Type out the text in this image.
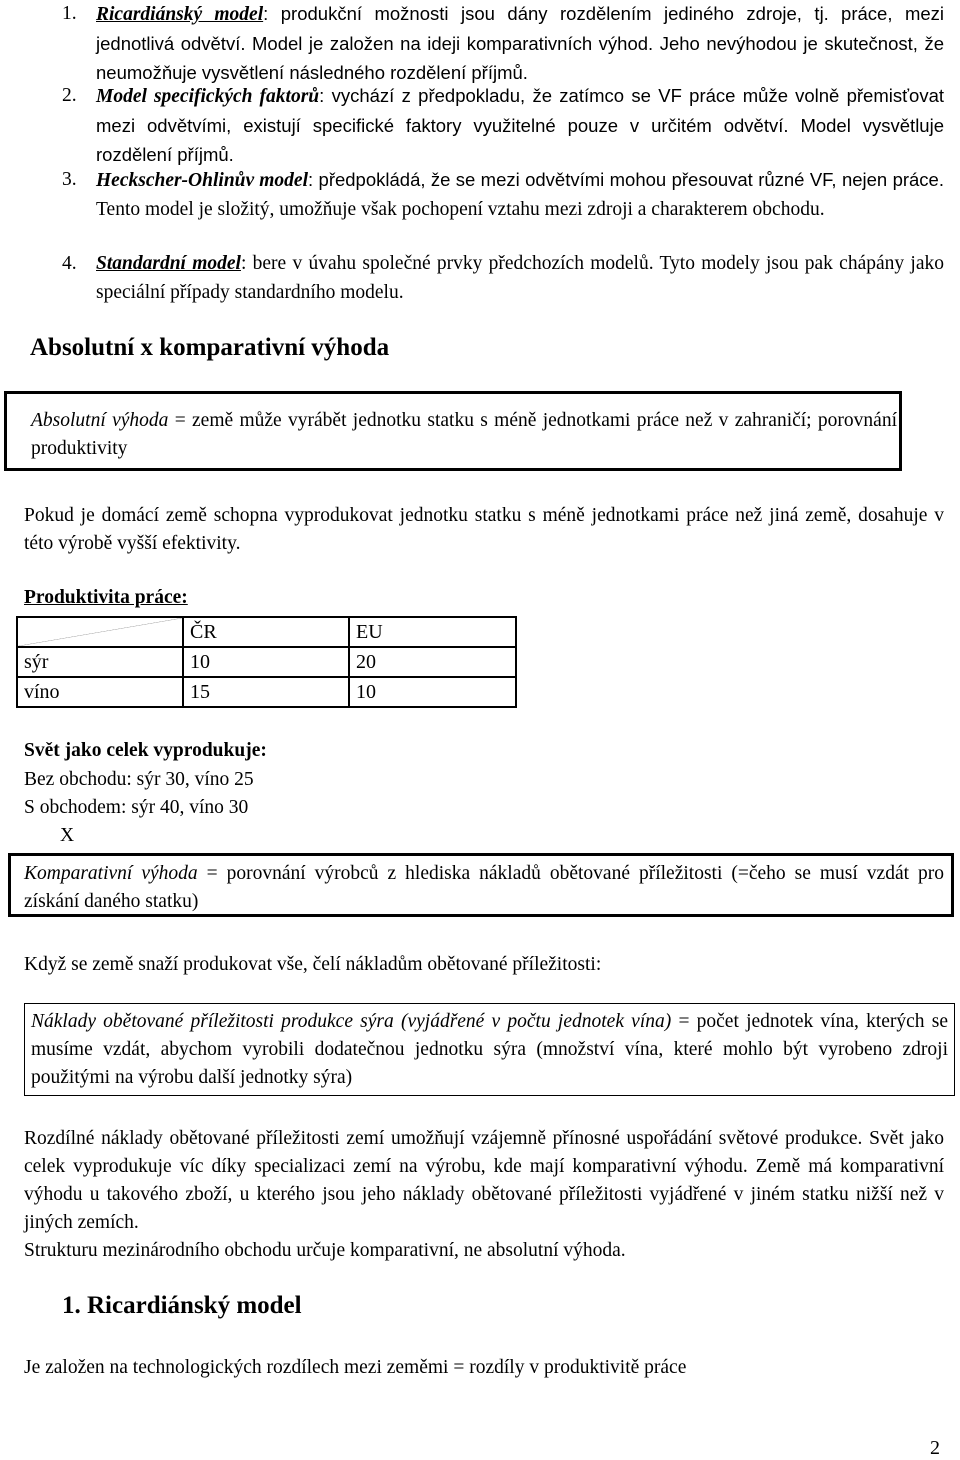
1. Ricardiánský model: produkční možnosti jsou dány rozdělením jediného zdroje, tj. práce, mezi jednotlivá odvětví. Model je založen na ideji komparativních výhod. Jeho nevýhodou je skutečnost, že neumožňuje vysvětlení následného rozdělení příjmů.
2. Model specifických faktorů: vychází z předpokladu, že zatímco se VF práce může volně přemisťovat mezi odvětvími, existují specifické faktory využitelné pouze v určitém odvětví. Model vysvětluje rozdělení příjmů.
3. Heckscher-Ohlinův model: předpokládá, že se mezi odvětvími mohou přesouvat různé VF, nejen práce. Tento model je složitý, umožňuje však pochopení vztahu mezi zdroji a charakterem obchodu.
4. Standardní model: bere v úvahu společné prvky předchozích modelů. Tyto modely jsou pak chápány jako speciální případy standardního modelu.
Absolutní x komparativní výhoda
Absolutní výhoda = země může vyrábět jednotku statku s méně jednotkami práce než v zahraničí; porovnání produktivity
Pokud je domácí země schopna vyprodukovat jednotku statku s méně jednotkami práce než jiná země, dosahuje v této výrobě vyšší efektivity.
Produktivita práce:
	ČR	EU
sýr	10	20
víno	15	10
Svět jako celek vyprodukuje:
Bez obchodu: sýr 30, víno 25
S obchodem: sýr 40, víno 30
X
Komparativní výhoda = porovnání výrobců z hlediska nákladů obětované příležitosti (=čeho se musí vzdát pro získání daného statku)
Když se země snaží produkovat vše, čelí nákladům obětované příležitosti:
Náklady obětované příležitosti produkce sýra (vyjádřené v počtu jednotek vína) = počet jednotek vína, kterých se musíme vzdát, abychom vyrobili dodatečnou jednotku sýra (množství vína, které mohlo být vyrobeno zdroji použitými na výrobu další jednotky sýra)
Rozdílné náklady obětované příležitosti zemí umožňují vzájemně přínosné uspořádání světové produkce. Svět jako celek vyprodukuje víc díky specializaci zemí na výrobu, kde mají komparativní výhodu. Země má komparativní výhodu u takového zboží, u kterého jsou jeho náklady obětované příležitosti vyjádřené v jiném statku nižší než v jiných zemích.
Strukturu mezinárodního obchodu určuje komparativní, ne absolutní výhoda.
1. Ricardiánský model
Je založen na technologických rozdílech mezi zeměmi = rozdíly v produktivitě práce
2
